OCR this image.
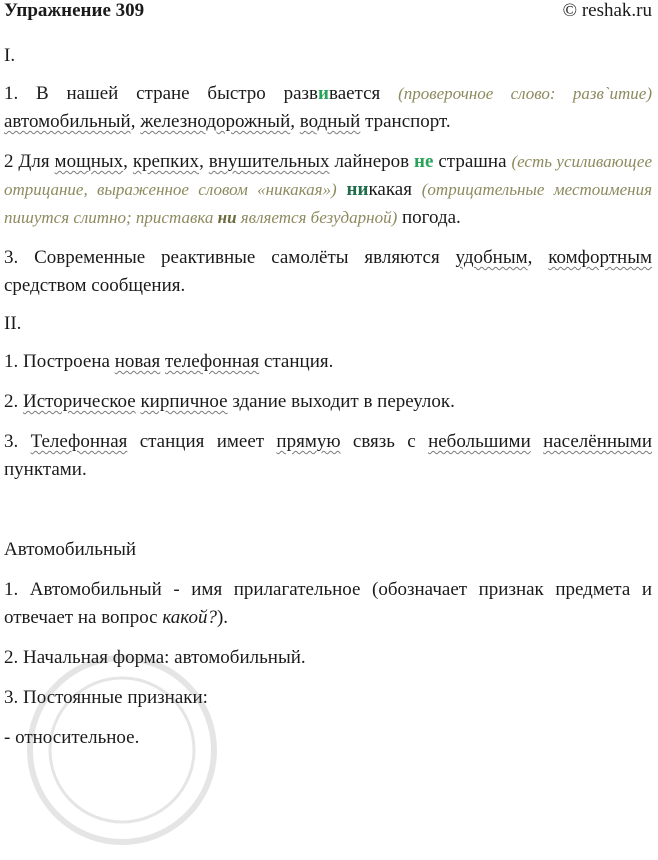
Упражнение 309	© reshak.ru

I.

1. В нашей стране быстро развивается (проверочное слово: разв`итие) автомобильный, железнодорожный, водный транспорт.

2 Для мощных, крепких, внушительных лайнеров не страшна (есть усиливающее отрицание, выраженное словом «никакая») никакая (отрицательные местоимения пишутся слитно; приставка ни является безударной) погода.

3. Современные реактивные самолёты являются удобным, комфортным средством сообщения.

II.

1. Построена новая телефонная станция.

2. Историческое кирпичное здание выходит в переулок.

3. Телефонная станция имеет прямую связь с небольшими населёнными пунктами.

Автомобильный

1. Автомобильный - имя прилагательное (обозначает признак предмета и отвечает на вопрос какой?).

2. Начальная форма: автомобильный.

3. Постоянные признаки:

- относительное.
